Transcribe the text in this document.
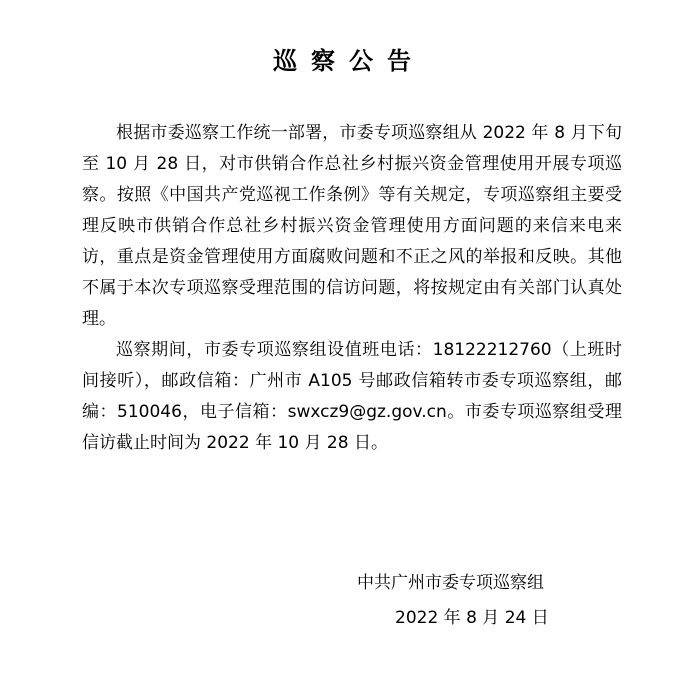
巡察公告

根据市委巡察工作统一部署，市委专项巡察组从 2022 年 8 月下旬至 10 月 28 日，对市供销合作总社乡村振兴资金管理使用开展专项巡察。按照《中国共产党巡视工作条例》等有关规定，专项巡察组主要受理反映市供销合作总社乡村振兴资金管理使用方面问题的来信来电来访，重点是资金管理使用方面腐败问题和不正之风的举报和反映。其他不属于本次专项巡察受理范围的信访问题，将按规定由有关部门认真处理。

巡察期间，市委专项巡察组设值班电话：18122212760（上班时间接听），邮政信箱：广州市 A105 号邮政信箱转市委专项巡察组，邮编：510046，电子信箱：swxcz9@gz.gov.cn。市委专项巡察组受理信访截止时间为 2022 年 10 月 28 日。

中共广州市委专项巡察组
2022 年 8 月 24 日
